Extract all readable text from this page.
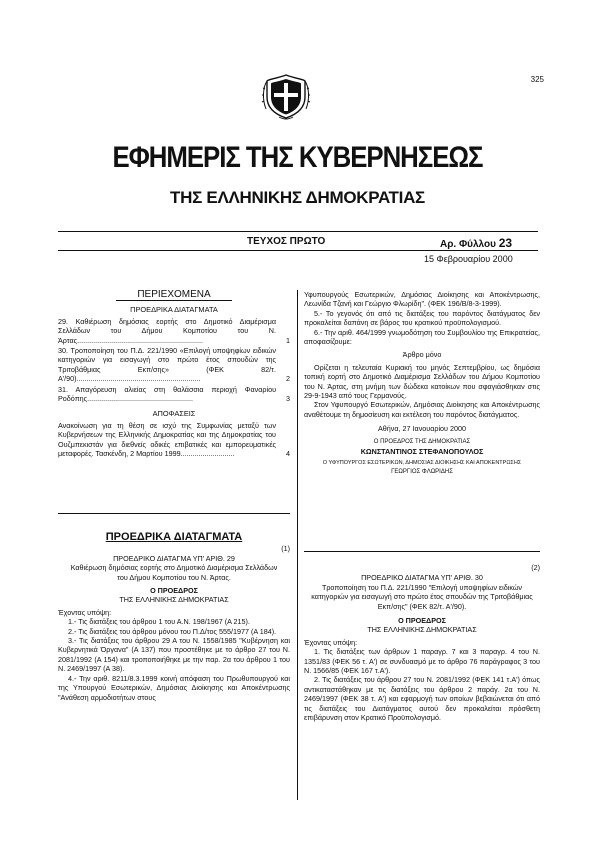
325
ΕΦΗΜΕΡΙΣ ΤΗΣ ΚΥΒΕΡΝΗΣΕΩΣ
ΤΗΣ ΕΛΛΗΝΙΚΗΣ ΔΗΜΟΚΡΑΤΙΑΣ
ΤΕΥΧΟΣ ΠΡΩΤΟ	Αρ. Φύλλου 23
15 Φεβρουαρίου 2000
ΠΕΡΙΕΧΟΜΕΝΑ
ΠΡΟΕΔΡΙΚΑ ΔΙΑΤΑΓΜΑΤΑ
29. Καθιέρωση δημόσιας εορτής στο Δημοτικό Διαμέρισμα Σελλάδων του Δήμου Κομποτίου του Ν. Άρτας...............................................................	1
30. Τροποποίηση του Π.Δ. 221/1990 «Επιλογή υποψηφίων ειδικών κατηγοριών για εισαγωγή στο πρώτο έτος σπουδών της Τριτοβάθμιας Εκπ/σης» (ΦΕΚ 82/τ. Α'/90)..............................................................	2
31. Απαγόρευση αλιείας στη θαλάσσια περιοχή Φαναρίου Ροδόπης.....................................................	3
ΑΠΟΦΑΣΕΙΣ
Ανακοίνωση για τη θέση σε ισχύ της Συμφωνίας μεταξύ των Κυβερνήσεων της Ελληνικής Δημοκρατίας και της Δημοκρατίας του Ουζμπεκιστάν για διεθνείς οδικές επιβατικές και εμπορευματικές μεταφορές. Τασκένδη, 2 Μαρτίου 1999...........................	4
ΠΡΟΕΔΡΙΚΑ ΔΙΑΤΑΓΜΑΤΑ
(1)
ΠΡΟΕΔΡΙΚΟ ΔΙΑΤΑΓΜΑ ΥΠ' ΑΡΙΘ. 29
Καθιέρωση δημόσιας εορτής στο Δημοτικό Διαμέρισμα Σελλάδων του Δήμου Κομποτίου του Ν. Άρτας.
Ο ΠΡΟΕΔΡΟΣ
ΤΗΣ ΕΛΛΗΝΙΚΗΣ ΔΗΜΟΚΡΑΤΙΑΣ
Έχοντας υπόψη:
1.- Τις διατάξεις του άρθρου 1 του Α.Ν. 198/1967 (Α 215).
2.- Τις διατάξεις του άρθρου μόνου του Π.Δ/τος 555/1977 (Α 184).
3.- Τις διατάξεις του άρθρου 29 Α του Ν. 1558/1985 "Κυβέρνηση και Κυβερνητικά Όργανα" (Α 137) που προστέθηκε με το άρθρο 27 του Ν. 2081/1992 (Α 154) και τροποποιήθηκε με την παρ. 2α του άρθρου 1 του Ν. 2469/1997 (Α 38).
4.- Την αριθ. 8211/8.3.1999 κοινή απόφαση του Πρωθυπουργού και της Υπουργού Εσωτερικών, Δημόσιας Διοίκησης και Αποκέντρωσης "Ανάθεση αρμοδιοτήτων στους
Υφυπουργούς Εσωτερικών, Δημόσιας Διοίκησης και Αποκέντρωσης, Λεωνίδα Τζανή και Γεώργιο Φλωρίδη". (ΦΕΚ 196/Β/8-3-1999).
5.- Το γεγονός ότι από τις διατάξεις του παρόντος διατάγματος δεν προκαλείται δαπάνη σε βάρος του κρατικού προϋπολογισμού.
6.- Την αριθ. 464/1999 γνωμοδότηση του Συμβουλίου της Επικρατείας, αποφασίζουμε:
Άρθρο μόνο
Ορίζεται η τελευταία Κυριακή του μηνός Σεπτεμβρίου, ως δημόσια τοπική εορτή στο Δημοτικό Διαμέρισμα Σελλάδων του Δήμου Κομποτίου του Ν. Άρτας, στη μνήμη των δώδεκα κατοίκων που σφαγιάσθηκαν στις 29-9-1943 από τους Γερμανούς.
Στον Υφυπουργό Εσωτερικών, Δημόσιας Διοίκησης και Αποκέντρωσης αναθέτουμε τη δημοσίευση και εκτέλεση του παρόντος διατάγματος.
Αθήνα, 27 Ιανουαρίου 2000
Ο ΠΡΟΕΔΡΟΣ ΤΗΣ ΔΗΜΟΚΡΑΤΙΑΣ
ΚΩΝΣΤΑΝΤΙΝΟΣ ΣΤΕΦΑΝΟΠΟΥΛΟΣ
Ο ΥΦΥΠΟΥΡΓΟΣ ΕΣΩΤΕΡΙΚΩΝ, ΔΗΜΟΣΙΑΣ ΔΙΟΙΚΗΣΗΣ ΚΑΙ ΑΠΟΚΕΝΤΡΩΣΗΣ
ΓΕΩΡΓΙΟΣ ΦΛΩΡΙΔΗΣ
(2)
ΠΡΟΕΔΡΙΚΟ ΔΙΑΤΑΓΜΑ ΥΠ' ΑΡΙΘ. 30
Τροποποίηση του Π.Δ. 221/1990 "Επιλογή υποψηφίων ειδικών κατηγοριών για εισαγωγή στο πρώτο έτος σπουδών της Τριτοβάθμιας Εκπ/σης" (ΦΕΚ 82/τ. Α'/90).
Ο ΠΡΟΕΔΡΟΣ
ΤΗΣ ΕΛΛΗΝΙΚΗΣ ΔΗΜΟΚΡΑΤΙΑΣ
Έχοντας υπόψη:
1. Τις διατάξεις των άρθρων 1 παραγρ. 7 και 3 παραγρ. 4 του Ν. 1351/83 (ΦΕΚ 56 τ. Α') σε συνδυασμό με το άρθρο 76 παράγραφος 3 του Ν. 1566/85 (ΦΕΚ 167 τ.Α').
2. Τις διατάξεις του άρθρου 27 του Ν. 2081/1992 (ΦΕΚ 141 τ.Α') όπως αντικαταστάθηκαν με τις διατάξεις του άρθρου 2 παράγ. 2α του Ν. 2469/1997 (ΦΕΚ 38 τ. Α') και εφαρμογή των οποίων βεβαιώνεται ότι από τις διατάξεις του Διατάγματος αυτού δεν προκαλείται πρόσθετη επιβάρυνση στον Κρατικό Προϋπολογισμό.
